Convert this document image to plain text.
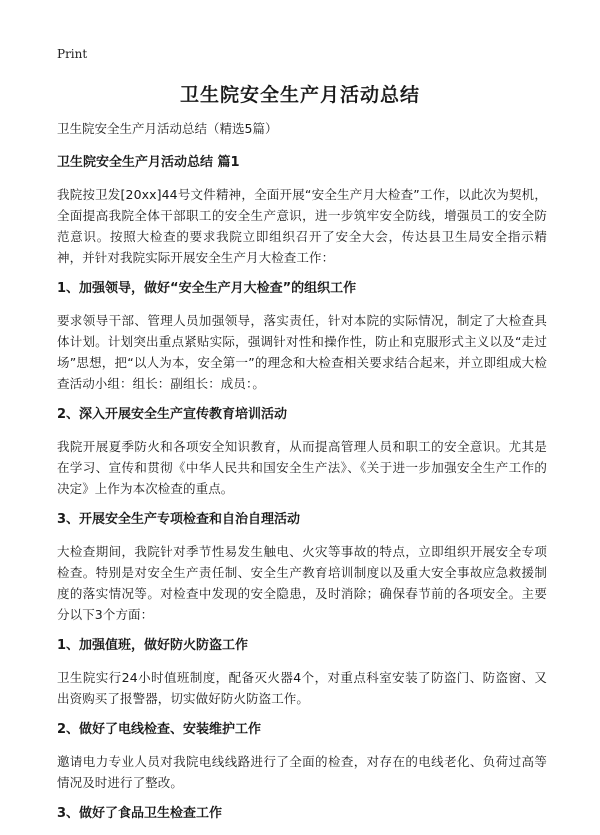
Print
卫生院安全生产月活动总结

卫生院安全生产月活动总结（精选5篇）

卫生院安全生产月活动总结 篇1

我院按卫发[20xx]44号文件精神，全面开展“安全生产月大检查”工作，以此次为契机，全面提高我院全体干部职工的安全生产意识，进一步筑牢安全防线，增强员工的安全防范意识。按照大检查的要求我院立即组织召开了安全大会，传达县卫生局安全指示精神，并针对我院实际开展安全生产月大检查工作：

1、加强领导，做好“安全生产月大检查”的组织工作

要求领导干部、管理人员加强领导，落实责任，针对本院的实际情况，制定了大检查具体计划。计划突出重点紧贴实际，强调针对性和操作性，防止和克服形式主义以及“走过场”思想，把“以人为本，安全第一”的理念和大检查相关要求结合起来，并立即组成大检查活动小组：组长：副组长：成员：。

2、深入开展安全生产宣传教育培训活动

我院开展夏季防火和各项安全知识教育，从而提高管理人员和职工的安全意识。尤其是在学习、宣传和贯彻《中华人民共和国安全生产法》、《关于进一步加强安全生产工作的决定》上作为本次检查的重点。

3、开展安全生产专项检查和自治自理活动

大检查期间，我院针对季节性易发生触电、火灾等事故的特点，立即组织开展安全专项检查。特别是对安全生产责任制、安全生产教育培训制度以及重大安全事故应急救援制度的落实情况等。对检查中发现的安全隐患，及时消除；确保春节前的各项安全。主要分以下3个方面：

1、加强值班，做好防火防盗工作

卫生院实行24小时值班制度，配备灭火器4个，对重点科室安装了防盗门、防盗窗、又出资购买了报警器，切实做好防火防盗工作。

2、做好了电线检查、安装维护工作

邀请电力专业人员对我院电线线路进行了全面的检查，对存在的电线老化、负荷过高等情况及时进行了整改。

3、做好了食品卫生检查工作
